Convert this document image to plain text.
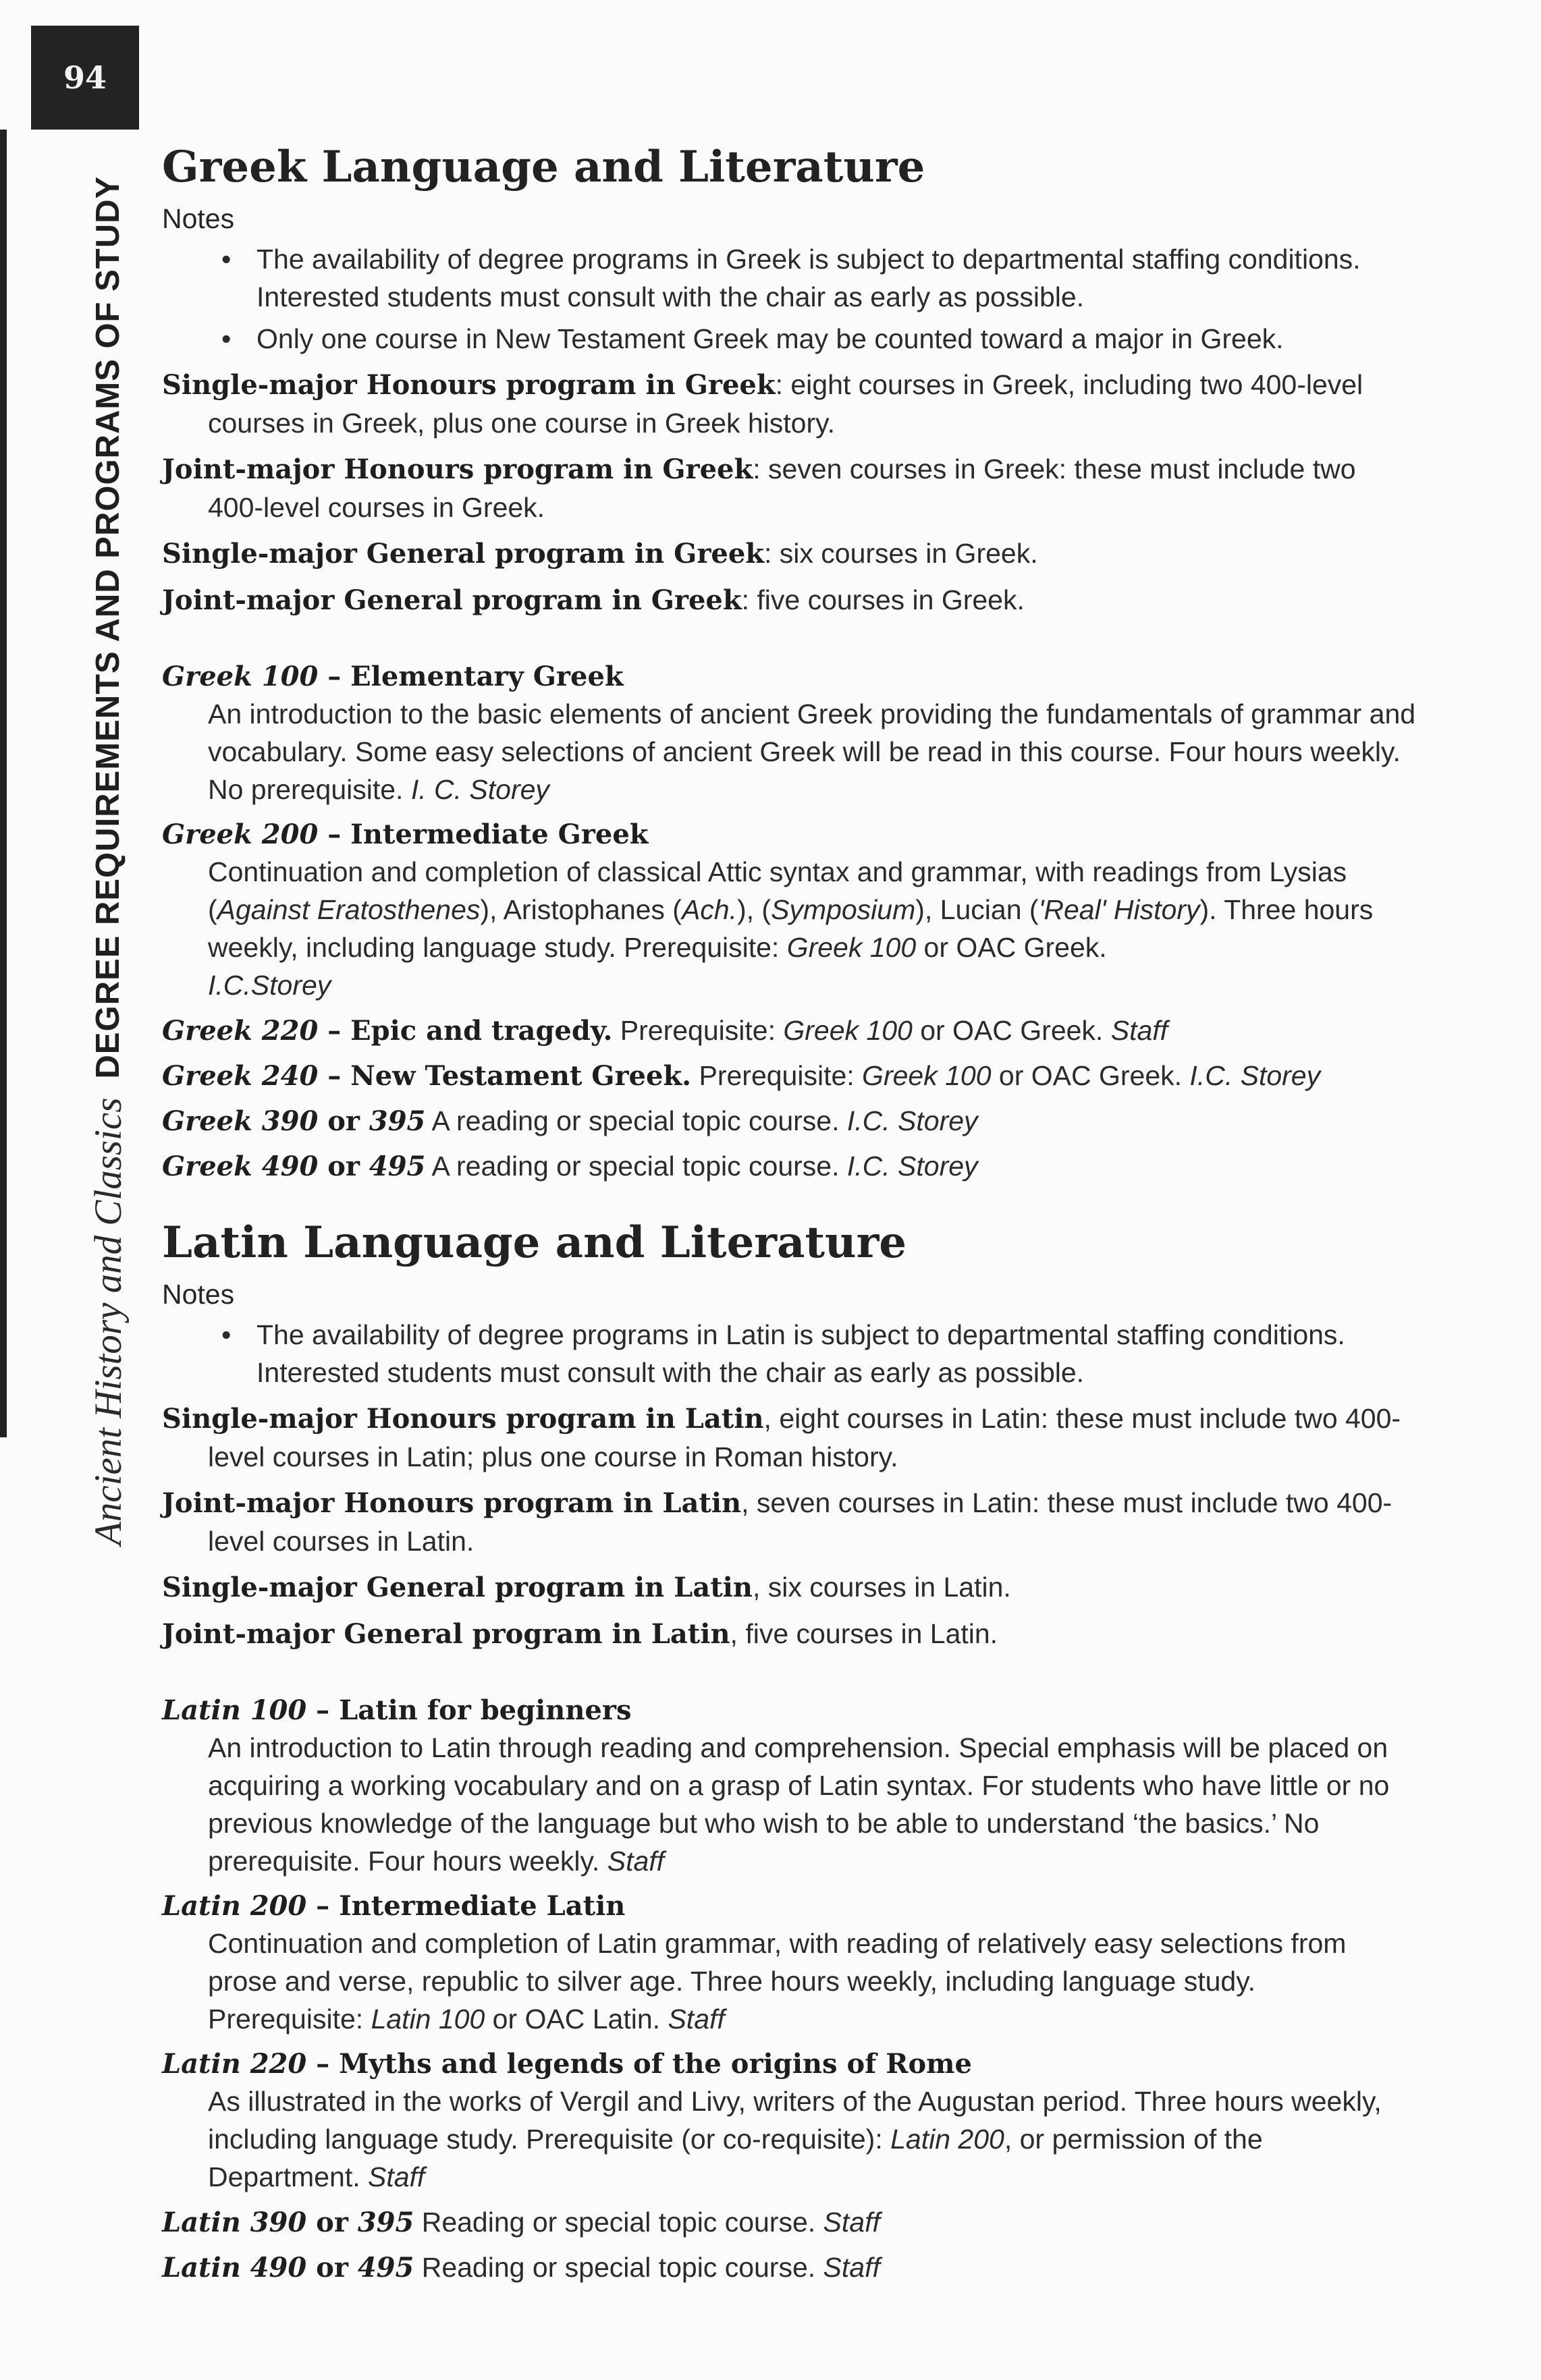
94
Ancient History and Classics
DEGREE REQUIREMENTS AND PROGRAMS OF STUDY
Greek Language and Literature
Notes
• The availability of degree programs in Greek is subject to departmental staffing conditions. Interested students must consult with the chair as early as possible.
• Only one course in New Testament Greek may be counted toward a major in Greek.
Single-major Honours program in Greek: eight courses in Greek, including two 400-level courses in Greek, plus one course in Greek history.
Joint-major Honours program in Greek: seven courses in Greek: these must include two 400-level courses in Greek.
Single-major General program in Greek: six courses in Greek.
Joint-major General program in Greek: five courses in Greek.
Greek 100 – Elementary Greek
An introduction to the basic elements of ancient Greek providing the fundamentals of grammar and vocabulary. Some easy selections of ancient Greek will be read in this course. Four hours weekly. No prerequisite. I. C. Storey
Greek 200 – Intermediate Greek
Continuation and completion of classical Attic syntax and grammar, with readings from Lysias (Against Eratosthenes), Aristophanes (Ach.), (Symposium), Lucian ('Real' History). Three hours weekly, including language study. Prerequisite: Greek 100 or OAC Greek.
I.C.Storey
Greek 220 – Epic and tragedy. Prerequisite: Greek 100 or OAC Greek. Staff
Greek 240 – New Testament Greek. Prerequisite: Greek 100 or OAC Greek. I.C. Storey
Greek 390 or 395 A reading or special topic course. I.C. Storey
Greek 490 or 495 A reading or special topic course. I.C. Storey
Latin Language and Literature
Notes
• The availability of degree programs in Latin is subject to departmental staffing conditions. Interested students must consult with the chair as early as possible.
Single-major Honours program in Latin, eight courses in Latin: these must include two 400-level courses in Latin; plus one course in Roman history.
Joint-major Honours program in Latin, seven courses in Latin: these must include two 400-level courses in Latin.
Single-major General program in Latin, six courses in Latin.
Joint-major General program in Latin, five courses in Latin.
Latin 100 – Latin for beginners
An introduction to Latin through reading and comprehension. Special emphasis will be placed on acquiring a working vocabulary and on a grasp of Latin syntax. For students who have little or no previous knowledge of the language but who wish to be able to understand ‘the basics.’ No prerequisite. Four hours weekly. Staff
Latin 200 – Intermediate Latin
Continuation and completion of Latin grammar, with reading of relatively easy selections from prose and verse, republic to silver age. Three hours weekly, including language study. Prerequisite: Latin 100 or OAC Latin. Staff
Latin 220 – Myths and legends of the origins of Rome
As illustrated in the works of Vergil and Livy, writers of the Augustan period. Three hours weekly, including language study. Prerequisite (or co-requisite): Latin 200, or permission of the Department. Staff
Latin 390 or 395 Reading or special topic course. Staff
Latin 490 or 495 Reading or special topic course. Staff
